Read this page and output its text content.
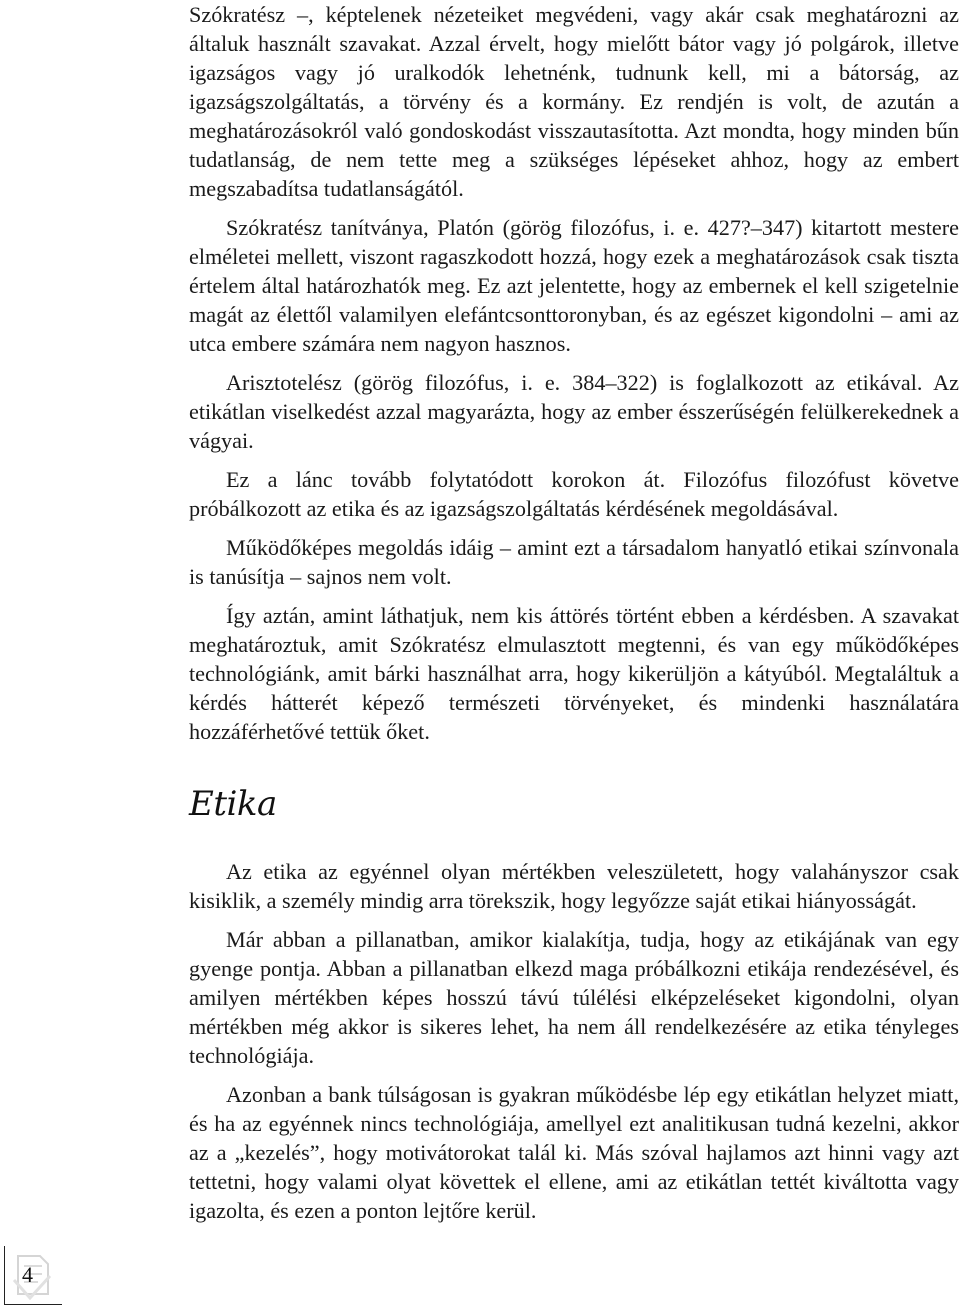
Szókratész –, képtelenek nézeteiket megvédeni, vagy akár csak meghatározni az általuk használt szavakat. Azzal érvelt, hogy mielőtt bátor vagy jó polgárok, illetve igazságos vagy jó uralkodók lehetnénk, tudnunk kell, mi a bátorság, az igazságszolgáltatás, a törvény és a kormány. Ez rendjén is volt, de azután a meghatározásokról való gondoskodást visszautasította. Azt mondta, hogy minden bűn tudatlanság, de nem tette meg a szükséges lépéseket ahhoz, hogy az embert megszabadítsa tudatlanságától.

Szókratész tanítványa, Platón (görög filozófus, i. e. 427?–347) kitartott mestere elméletei mellett, viszont ragaszkodott hozzá, hogy ezek a meghatározások csak tiszta értelem által határozhatók meg. Ez azt jelentette, hogy az embernek el kell szigetelnie magát az élettől valamilyen elefántcsonttoronyban, és az egészet kigondolni – ami az utca embere számára nem nagyon hasznos.

Arisztotelész (görög filozófus, i. e. 384–322) is foglalkozott az etikával. Az etikátlan viselkedést azzal magyarázta, hogy az ember ésszerűségén felülkerekednek a vágyai.

Ez a lánc tovább folytatódott korokon át. Filozófus filozófust követve próbálkozott az etika és az igazságszolgáltatás kérdésének megoldásával.

Működőképes megoldás idáig – amint ezt a társadalom hanyatló etikai színvonala is tanúsítja – sajnos nem volt.

Így aztán, amint láthatjuk, nem kis áttörés történt ebben a kérdésben. A szavakat meghatároztuk, amit Szókratész elmulasztott megtenni, és van egy működőképes technológiánk, amit bárki használhat arra, hogy kikerüljön a kátyúból. Megtaláltuk a kérdés hátterét képező természeti törvényeket, és mindenki használatára hozzáférhetővé tettük őket.

Etika

Az etika az egyénnel olyan mértékben veleszületett, hogy valahányszor csak kisiklik, a személy mindig arra törekszik, hogy legyőzze saját etikai hiányosságát.

Már abban a pillanatban, amikor kialakítja, tudja, hogy az etikájának van egy gyenge pontja. Abban a pillanatban elkezd maga próbálkozni etikája rendezésével, és amilyen mértékben képes hosszú távú túlélési elképzeléseket kigondolni, olyan mértékben még akkor is sikeres lehet, ha nem áll rendelkezésére az etika tényleges technológiája.

Azonban a bank túlságosan is gyakran működésbe lép egy etikátlan helyzet miatt, és ha az egyénnek nincs technológiája, amellyel ezt analitikusan tudná kezelni, akkor az a „kezelés”, hogy motivátorokat talál ki. Más szóval hajlamos azt hinni vagy azt tettetni, hogy valami olyat követtek el ellene, ami az etikátlan tettét kiváltotta vagy igazolta, és ezen a ponton lejtőre kerül.

4
